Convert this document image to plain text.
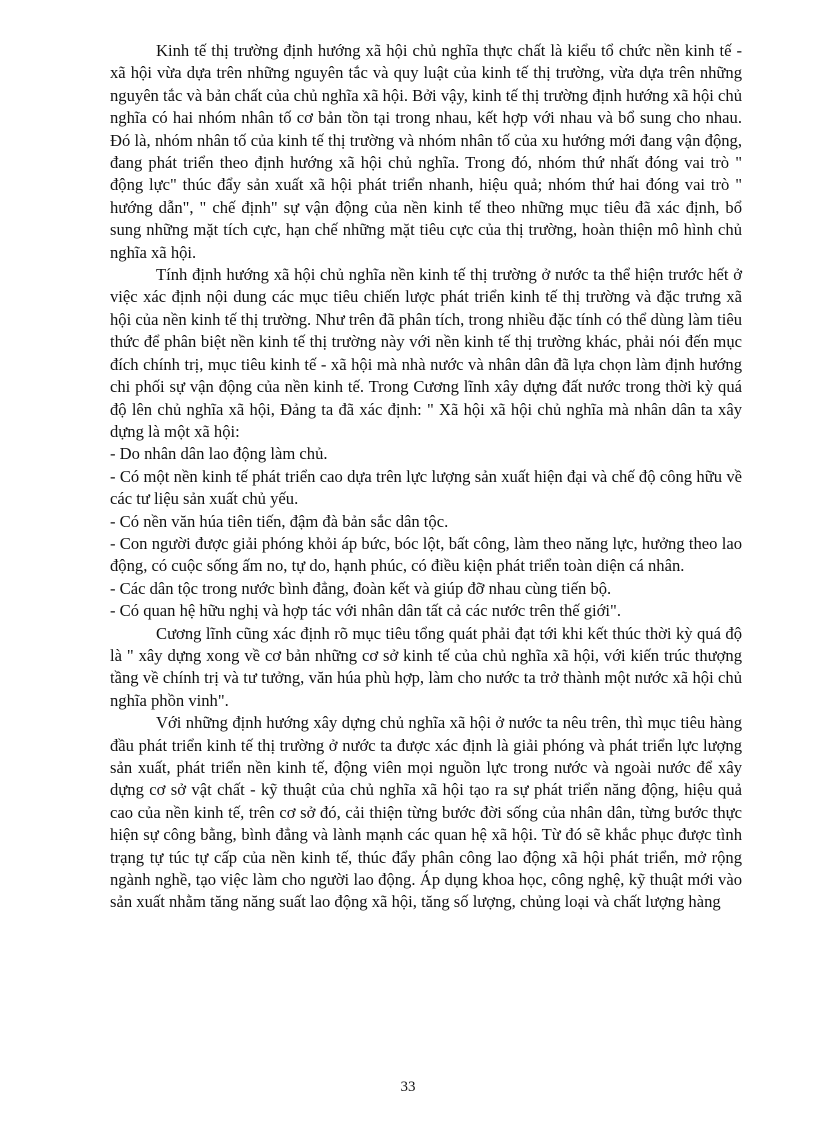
Kinh tế thị trường định hướng xã hội chủ nghĩa thực chất là kiểu tổ chức nền kinh tế - xã hội vừa dựa trên những nguyên tắc và quy luật của kinh tế thị trường, vừa dựa trên những nguyên tắc và bản chất của chủ nghĩa xã hội. Bởi vậy, kinh tế thị trường định hướng xã hội chủ nghĩa có hai nhóm nhân tố cơ bản tồn tại trong nhau, kết hợp với nhau và bổ sung cho nhau. Đó là, nhóm nhân tố của kinh tế thị trường và nhóm nhân tố của xu hướng mới đang vận động, đang phát triển theo định hướng xã hội chủ nghĩa. Trong đó, nhóm thứ nhất đóng vai trò " động lực" thúc đẩy sản xuất xã hội phát triển nhanh, hiệu quả; nhóm thứ hai đóng vai trò " hướng dẫn", " chế định" sự vận động của nền kinh tế theo những mục tiêu đã xác định, bổ sung những mặt tích cực, hạn chế những mặt tiêu cực của thị trường, hoàn thiện mô hình chủ nghĩa xã hội.

Tính định hướng xã hội chủ nghĩa nền kinh tế thị trường ở nước ta thể hiện trước hết ở việc xác định nội dung các mục tiêu chiến lược phát triển kinh tế thị trường và đặc trưng xã hội của nền kinh tế thị trường. Như trên đã phân tích, trong nhiều đặc tính có thể dùng làm tiêu thức để phân biệt nền kinh tế thị trường này với nền kinh tế thị trường khác, phải nói đến mục đích chính trị, mục tiêu kinh tế - xã hội mà nhà nước và nhân dân đã lựa chọn làm định hướng chi phối sự vận động của nền kinh tế. Trong Cương lĩnh xây dựng đất nước trong thời kỳ quá độ lên chủ nghĩa xã hội, Đảng ta đã xác định: " Xã hội xã hội chủ nghĩa mà nhân dân ta xây dựng là một xã hội:

- Do nhân dân lao động làm chủ.

- Có một nền kinh tế phát triển cao dựa trên lực lượng sản xuất hiện đại và chế độ công hữu về các tư liệu sản xuất chủ yếu.

- Có nền văn húa tiên tiến, đậm đà bản sắc dân tộc.

- Con người được giải phóng khỏi áp bức, bóc lột, bất công, làm theo năng lực, hưởng theo lao động, có cuộc sống ấm no, tự do, hạnh phúc, có điều kiện phát triển toàn diện cá nhân.

- Các dân tộc trong nước bình đẳng, đoàn kết và giúp đỡ nhau cùng tiến bộ.

- Có quan hệ hữu nghị và hợp tác với nhân dân tất cả các nước trên thế giới".

Cương lĩnh cũng xác định rõ mục tiêu tổng quát phải đạt tới khi kết thúc thời kỳ quá độ là " xây dựng xong về cơ bản những cơ sở kinh tế của chủ nghĩa xã hội, với kiến trúc thượng tầng về chính trị và tư tưởng, văn húa phù hợp, làm cho nước ta trở thành một nước xã hội chủ nghĩa phồn vinh".

Với những định hướng xây dựng chủ nghĩa xã hội ở nước ta nêu trên, thì mục tiêu hàng đầu phát triển kinh tế thị trường ở nước ta được xác định là giải phóng và phát triển lực lượng sản xuất, phát triển nền kinh tế, động viên mọi nguồn lực trong nước và ngoài nước để xây dựng cơ sở vật chất - kỹ thuật của chủ nghĩa xã hội tạo ra sự phát triển năng động, hiệu quả cao của nền kinh tế, trên cơ sở đó, cải thiện từng bước đời sống của nhân dân, từng bước thực hiện sự công bằng, bình đẳng và lành mạnh các quan hệ xã hội. Từ đó sẽ khắc phục được tình trạng tự túc tự cấp của nền kinh tế, thúc đẩy phân công lao động xã hội phát triển, mở rộng ngành nghề, tạo việc làm cho người lao động. Áp dụng khoa học, công nghệ, kỹ thuật mới vào sản xuất nhằm tăng năng suất lao động xã hội, tăng số lượng, chủng loại và chất lượng hàng

33
